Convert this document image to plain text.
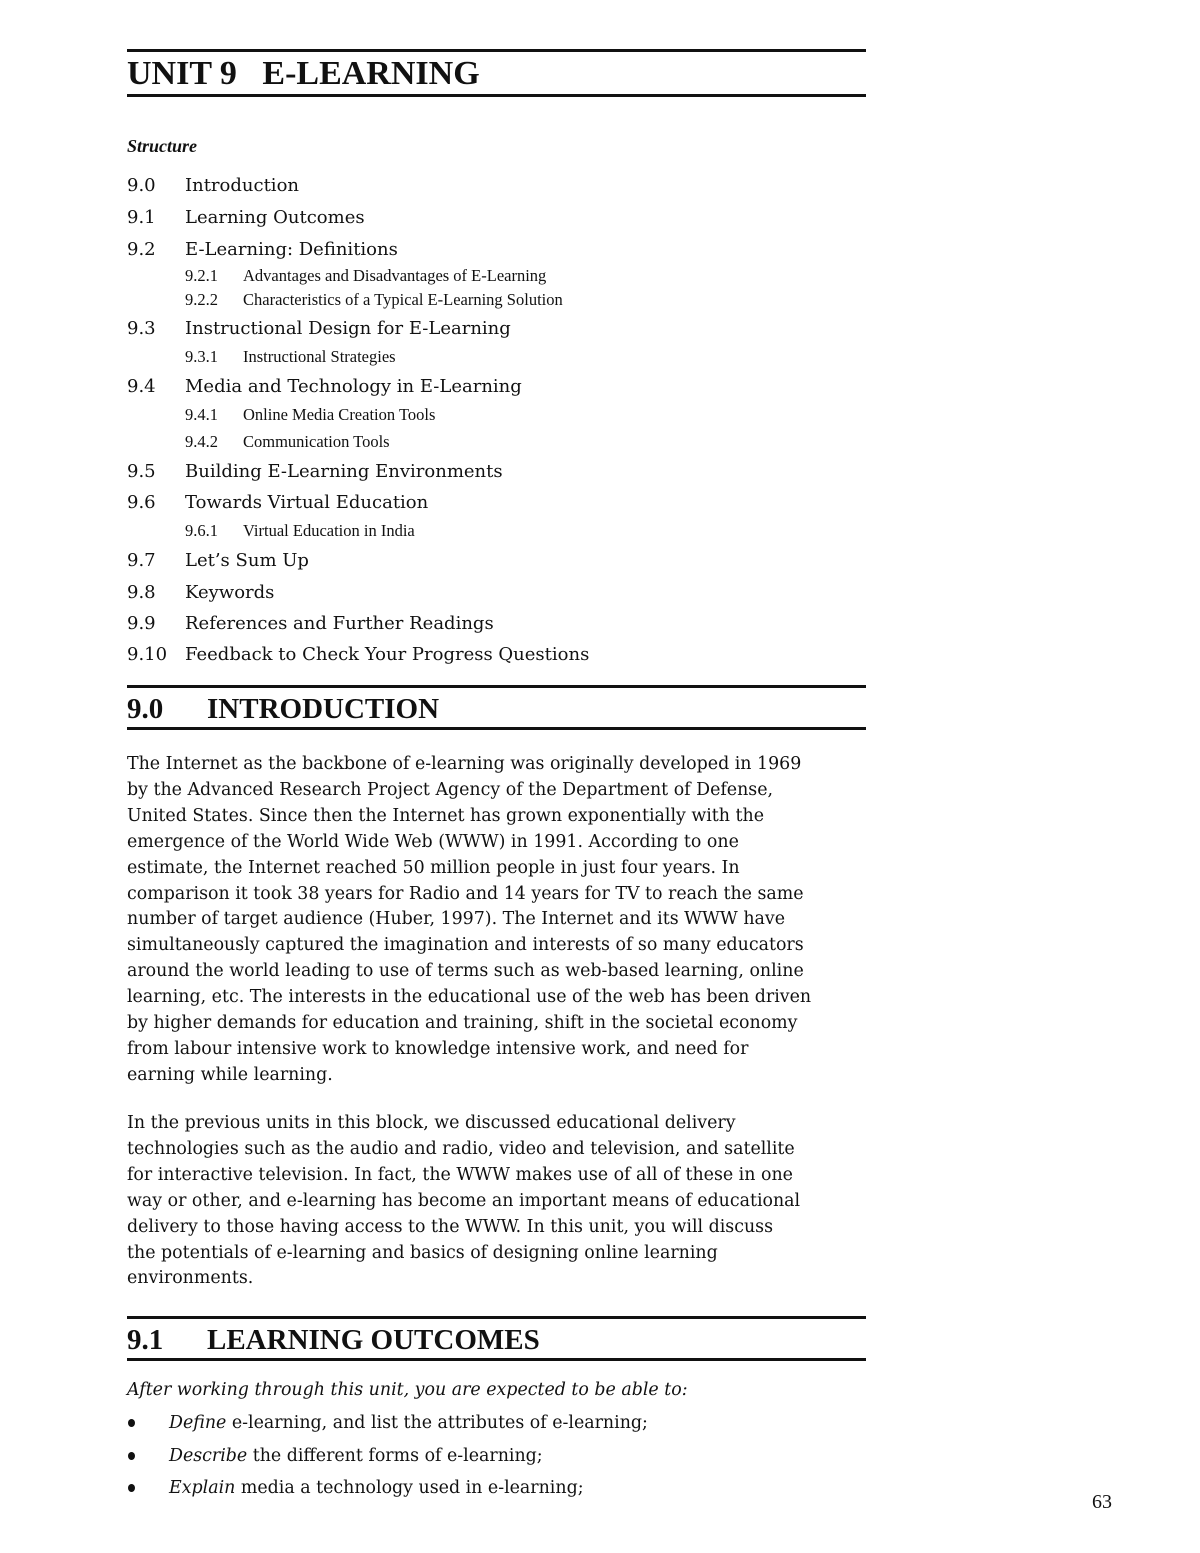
UNIT 9   E-LEARNING
Structure
9.0 Introduction
9.1 Learning Outcomes
9.2 E-Learning: Definitions
9.2.1 Advantages and Disadvantages of E-Learning
9.2.2 Characteristics of a Typical E-Learning Solution
9.3 Instructional Design for E-Learning
9.3.1 Instructional Strategies
9.4 Media and Technology in E-Learning
9.4.1 Online Media Creation Tools
9.4.2 Communication Tools
9.5 Building E-Learning Environments
9.6 Towards Virtual Education
9.6.1 Virtual Education in India
9.7 Let’s Sum Up
9.8 Keywords
9.9 References and Further Readings
9.10 Feedback to Check Your Progress Questions
9.0 INTRODUCTION
The Internet as the backbone of e-learning was originally developed in 1969
by the Advanced Research Project Agency of the Department of Defense,
United States. Since then the Internet has grown exponentially with the
emergence of the World Wide Web (WWW) in 1991. According to one
estimate, the Internet reached 50 million people in just four years. In
comparison it took 38 years for Radio and 14 years for TV to reach the same
number of target audience (Huber, 1997). The Internet and its WWW have
simultaneously captured the imagination and interests of so many educators
around the world leading to use of terms such as web-based learning, online
learning, etc. The interests in the educational use of the web has been driven
by higher demands for education and training, shift in the societal economy
from labour intensive work to knowledge intensive work, and need for
earning while learning.
In the previous units in this block, we discussed educational delivery
technologies such as the audio and radio, video and television, and satellite
for interactive television. In fact, the WWW makes use of all of these in one
way or other, and e-learning has become an important means of educational
delivery to those having access to the WWW. In this unit, you will discuss
the potentials of e-learning and basics of designing online learning
environments.
9.1 LEARNING OUTCOMES
After working through this unit, you are expected to be able to:
Define e-learning, and list the attributes of e-learning;
Describe the different forms of e-learning;
Explain media a technology used in e-learning;
63
